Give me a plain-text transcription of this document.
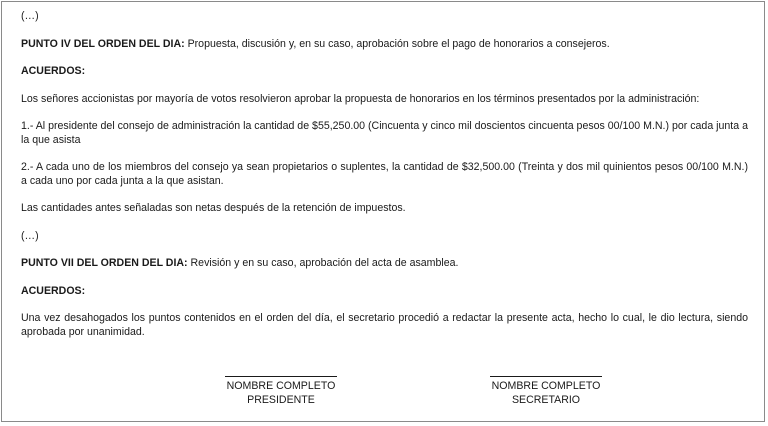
(…)

PUNTO IV DEL ORDEN DEL DIA: Propuesta, discusión y, en su caso, aprobación sobre el pago de honorarios a consejeros.

ACUERDOS:

Los señores accionistas por mayoría de votos resolvieron aprobar la propuesta de honorarios en los términos presentados por la administración:

1.- Al presidente del consejo de administración la cantidad de $55,250.00 (Cincuenta y cinco mil doscientos cincuenta pesos 00/100 M.N.) por cada junta a la que asista

2.- A cada uno de los miembros del consejo ya sean propietarios o suplentes, la cantidad de $32,500.00 (Treinta y dos mil quinientos pesos 00/100 M.N.) a cada uno por cada junta a la que asistan.

Las cantidades antes señaladas son netas después de la retención de impuestos.

(…)

PUNTO VII DEL ORDEN DEL DIA: Revisión y en su caso, aprobación del acta de asamblea.

ACUERDOS:

Una vez desahogados los puntos contenidos en el orden del día, el secretario procedió a redactar la presente acta, hecho lo cual, le dio lectura, siendo aprobada por unanimidad.

NOMBRE COMPLETO
PRESIDENTE
NOMBRE COMPLETO
SECRETARIO
